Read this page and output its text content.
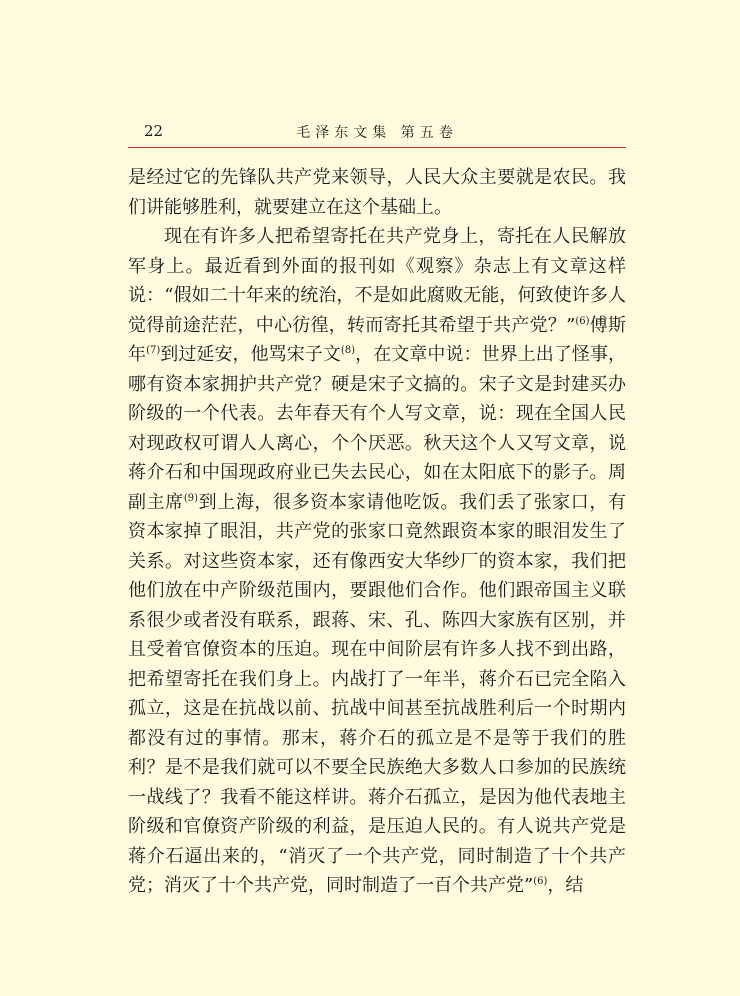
22	毛泽东文集 第五卷

是经过它的先锋队共产党来领导，人民大众主要就是农民。我们讲能够胜利，就要建立在这个基础上。

现在有许多人把希望寄托在共产党身上，寄托在人民解放军身上。最近看到外面的报刊如《观察》杂志上有文章这样说：“假如二十年来的统治，不是如此腐败无能，何致使许多人觉得前途茫茫，中心彷徨，转而寄托其希望于共产党？”$^{(6)}$傅斯年$^{(7)}$到过延安，他骂宋子文$^{(8)}$，在文章中说：世界上出了怪事，哪有资本家拥护共产党？硬是宋子文搞的。宋子文是封建买办阶级的一个代表。去年春天有个人写文章，说：现在全国人民对现政权可谓人人离心，个个厌恶。秋天这个人又写文章，说蒋介石和中国现政府业已失去民心，如在太阳底下的影子。周副主席$^{(9)}$到上海，很多资本家请他吃饭。我们丢了张家口，有资本家掉了眼泪，共产党的张家口竟然跟资本家的眼泪发生了关系。对这些资本家，还有像西安大华纱厂的资本家，我们把他们放在中产阶级范围内，要跟他们合作。他们跟帝国主义联系很少或者没有联系，跟蒋、宋、孔、陈四大家族有区别，并且受着官僚资本的压迫。现在中间阶层有许多人找不到出路，把希望寄托在我们身上。内战打了一年半，蒋介石已完全陷入孤立，这是在抗战以前、抗战中间甚至抗战胜利后一个时期内都没有过的事情。那末，蒋介石的孤立是不是等于我们的胜利？是不是我们就可以不要全民族绝大多数人口参加的民族统一战线了？我看不能这样讲。蒋介石孤立，是因为他代表地主阶级和官僚资产阶级的利益，是压迫人民的。有人说共产党是蒋介石逼出来的，“消灭了一个共产党，同时制造了十个共产党；消灭了十个共产党，同时制造了一百个共产党”$^{(6)}$，结
